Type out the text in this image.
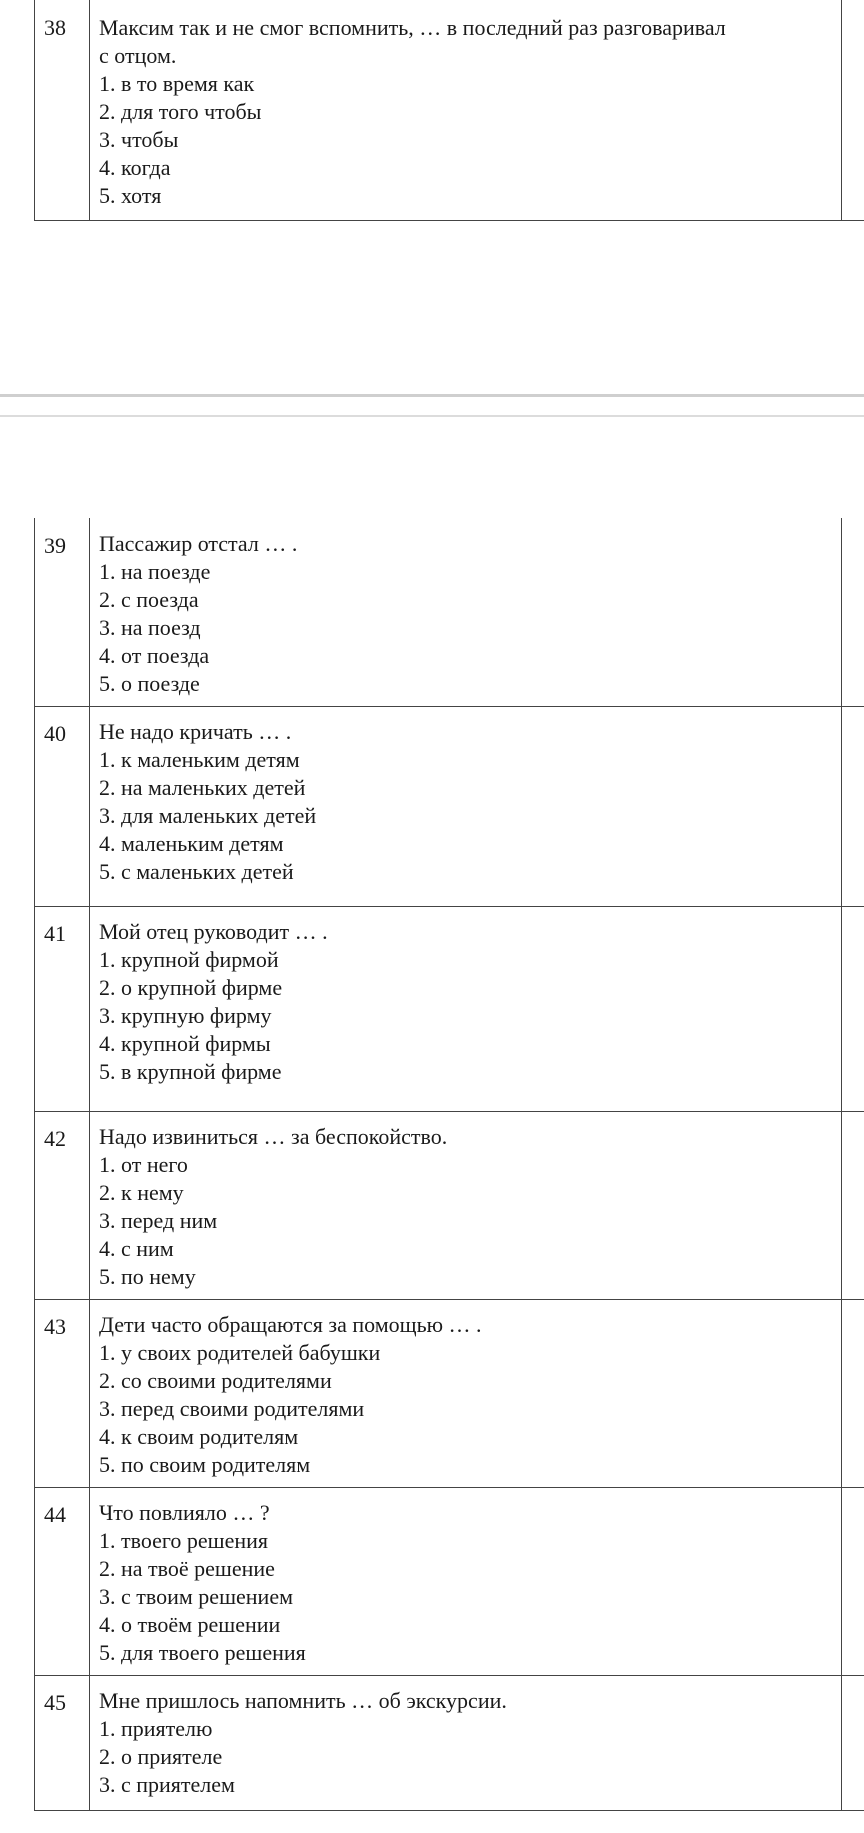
38	Максим так и не смог вспомнить, … в последний раз разговаривал
с отцом.
1. в то время как
2. для того чтобы
3. чтобы
4. когда
5. хотя
39	Пассажир отстал … .
1. на поезде
2. с поезда
3. на поезд
4. от поезда
5. о поезде
40	Не надо кричать … .
1. к маленьким детям
2. на маленьких детей
3. для маленьких детей
4. маленьким детям
5. с маленьких детей
41	Мой отец руководит … .
1. крупной фирмой
2. о крупной фирме
3. крупную фирму
4. крупной фирмы
5. в крупной фирме
42	Надо извиниться … за беспокойство.
1. от него
2. к нему
3. перед ним
4. с ним
5. по нему
43	Дети часто обращаются за помощью … .
1. у своих родителей бабушки
2. со своими родителями
3. перед своими родителями
4. к своим родителям
5. по своим родителям
44	Что повлияло … ?
1. твоего решения
2. на твоё решение
3. с твоим решением
4. о твоём решении
5. для твоего решения
45	Мне пришлось напомнить … об экскурсии.
1. приятелю
2. о приятеле
3. с приятелем
